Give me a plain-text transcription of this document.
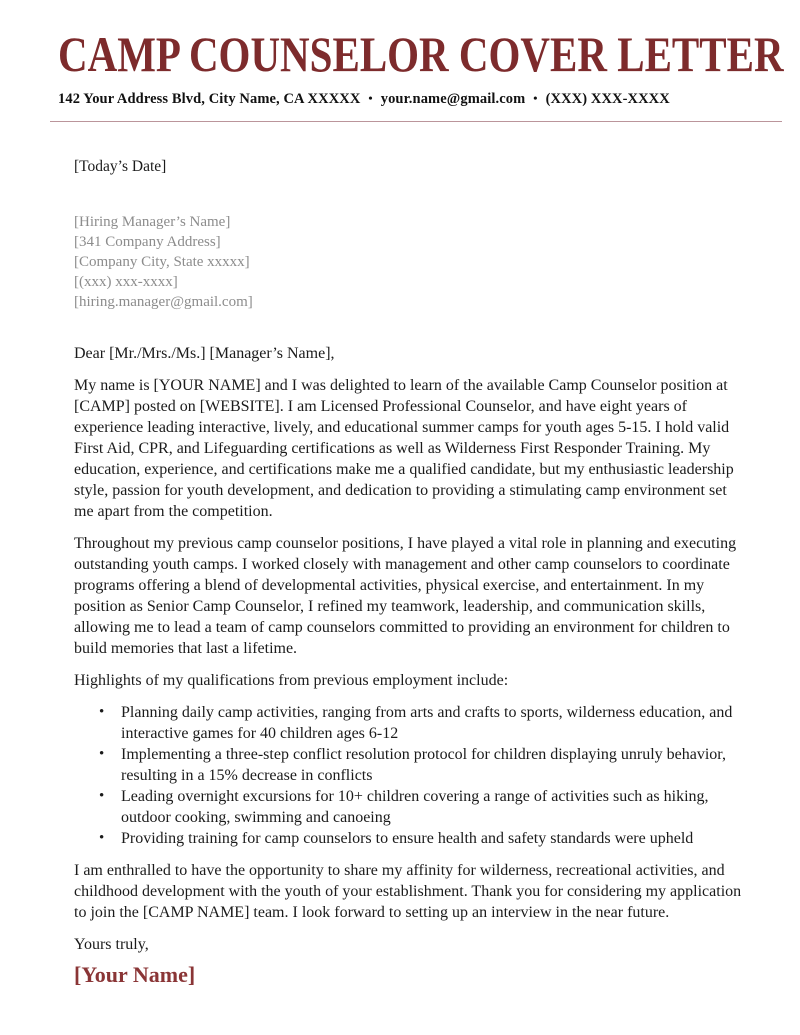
CAMP COUNSELOR COVER LETTER

142 Your Address Blvd, City Name, CA XXXXX • your.name@gmail.com • (XXX) XXX-XXXX

[Today’s Date]

[Hiring Manager’s Name]

[341 Company Address]

[Company City, State xxxxx]

[(xxx) xxx-xxxx]

[hiring.manager@gmail.com]

Dear [Mr./Mrs./Ms.] [Manager’s Name],

My name is [YOUR NAME] and I was delighted to learn of the available Camp Counselor position at [CAMP] posted on [WEBSITE]. I am Licensed Professional Counselor, and have eight years of experience leading interactive, lively, and educational summer camps for youth ages 5-15. I hold valid First Aid, CPR, and Lifeguarding certifications as well as Wilderness First Responder Training. My education, experience, and certifications make me a qualified candidate, but my enthusiastic leadership style, passion for youth development, and dedication to providing a stimulating camp environment set me apart from the competition.

Throughout my previous camp counselor positions, I have played a vital role in planning and executing outstanding youth camps. I worked closely with management and other camp counselors to coordinate programs offering a blend of developmental activities, physical exercise, and entertainment. In my position as Senior Camp Counselor, I refined my teamwork, leadership, and communication skills, allowing me to lead a team of camp counselors committed to providing an environment for children to build memories that last a lifetime.

Highlights of my qualifications from previous employment include:

• Planning daily camp activities, ranging from arts and crafts to sports, wilderness education, and interactive games for 40 children ages 6-12
• Implementing a three-step conflict resolution protocol for children displaying unruly behavior, resulting in a 15% decrease in conflicts
• Leading overnight excursions for 10+ children covering a range of activities such as hiking, outdoor cooking, swimming and canoeing
• Providing training for camp counselors to ensure health and safety standards were upheld

I am enthralled to have the opportunity to share my affinity for wilderness, recreational activities, and childhood development with the youth of your establishment. Thank you for considering my application to join the [CAMP NAME] team. I look forward to setting up an interview in the near future.

Yours truly,

[Your Name]
